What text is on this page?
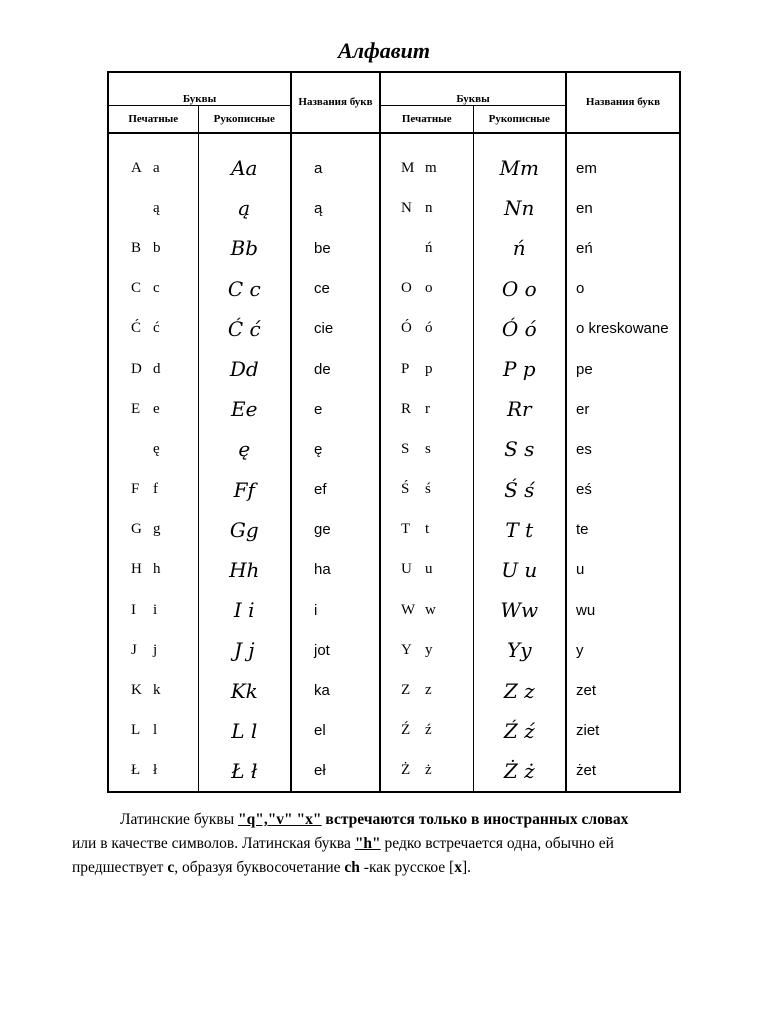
Алфавит
Буквы		Названия букв	Буквы		Названия букв
Печатные	Рукописные		Печатные	Рукописные	

A a	Aa	a	M m	Mm	em
ą	ą	ą	N n	Nn	en
B b	Bb	be	ń	ń	eń
C c	C c	ce	O o	O o	o
Ć ć	Ć ć	cie	Ó ó	Ó ó	o kreskowane
D d	Dd	de	P p	P p	pe
E e	Ee	e	R r	Rr	er
ę	ę	ę	S s	S s	es
F f	Ff	ef	Ś ś	Ś ś	eś
G g	Gg	ge	T t	T t	te
H h	Hh	ha	U u	U u	u
I i	I i	i	W w	Ww	wu
J j	J j	jot	Y y	Yy	y
K k	Kk	ka	Z z	Z z	zet
L l	L l	el	Ź ź	Ź ź	ziet
Ł ł	Ł ł	eł	Ż ż	Ż ż	żet

Латинские буквы "q","v" "x" встречаются только в иностранных словах

или в качестве символов. Латинская буква "h" редко встречается одна, обычно ей

предшествует c, образуя буквосочетание ch -как русское [x].
